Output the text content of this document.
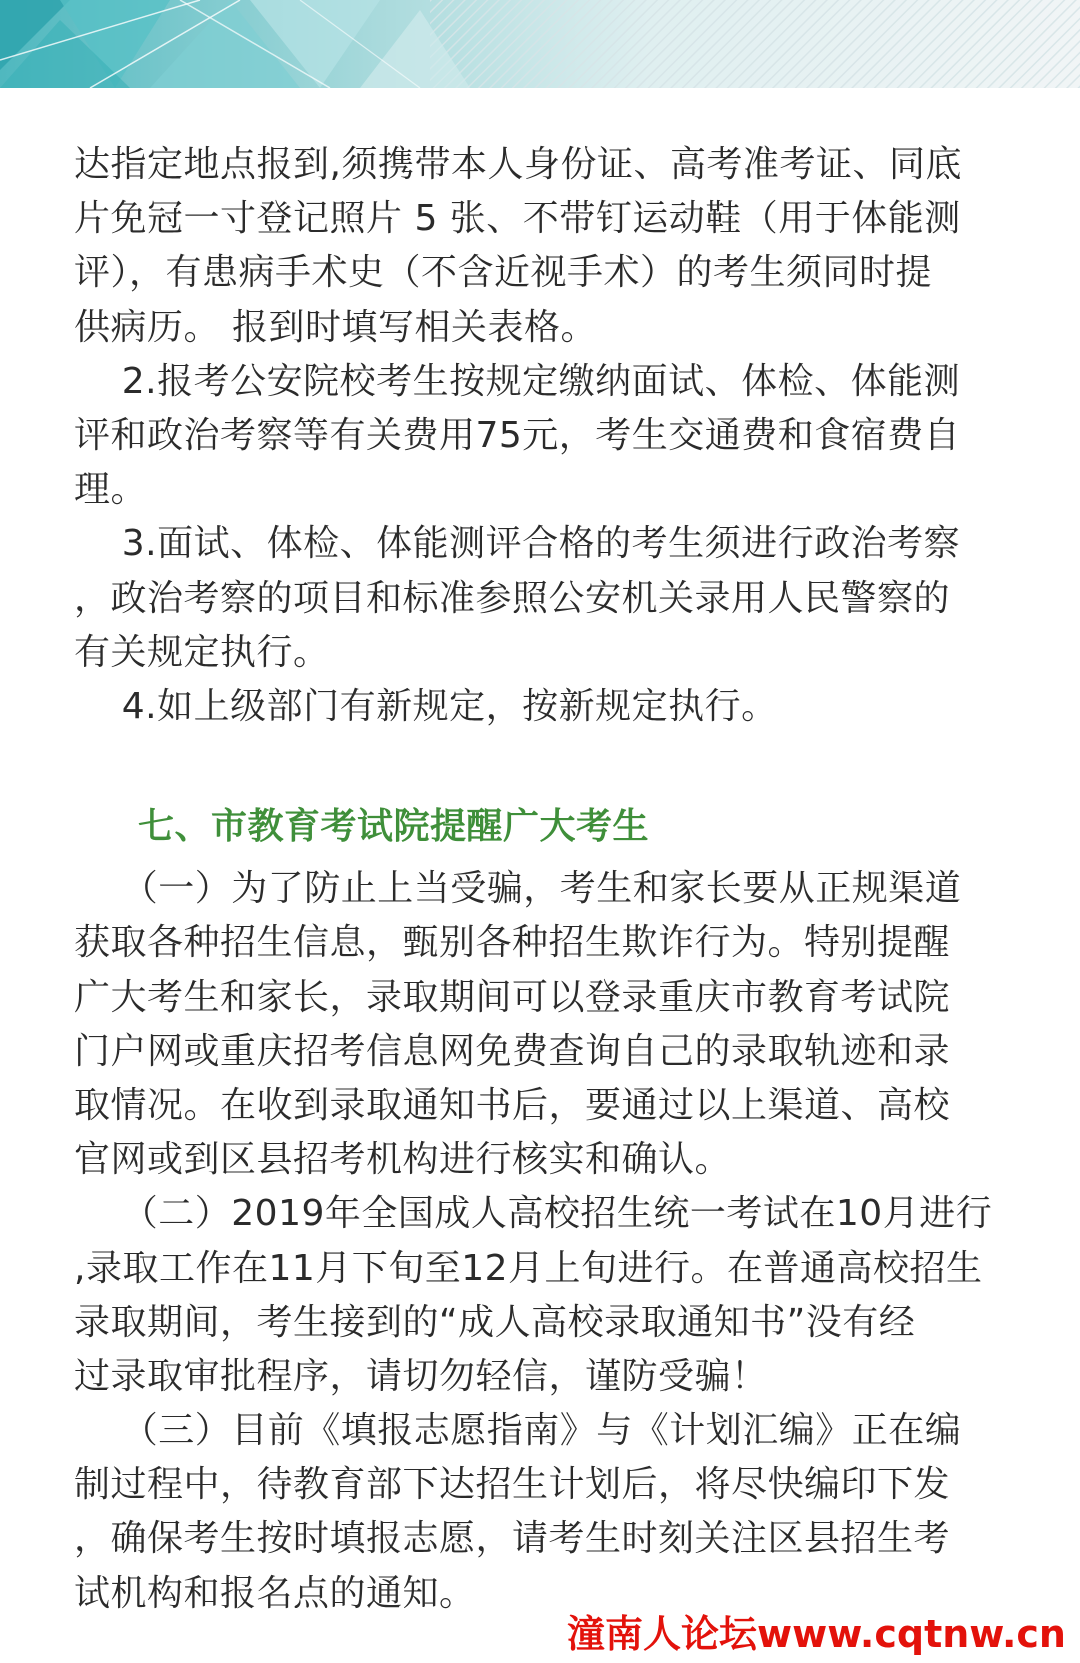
达指定地点报到,须携带本人身份证、高考准考证、同底
片免冠一寸登记照片 5 张、不带钉运动鞋（用于体能测
评），有患病手术史（不含近视手术）的考生须同时提
供病历。 报到时填写相关表格。
2.报考公安院校考生按规定缴纳面试、体检、体能测
评和政治考察等有关费用75元，考生交通费和食宿费自
理。
3.面试、体检、体能测评合格的考生须进行政治考察
，政治考察的项目和标准参照公安机关录用人民警察的
有关规定执行。
4.如上级部门有新规定，按新规定执行。
七、市教育考试院提醒广大考生
（一）为了防止上当受骗，考生和家长要从正规渠道
获取各种招生信息，甄别各种招生欺诈行为。特别提醒
广大考生和家长，录取期间可以登录重庆市教育考试院
门户网或重庆招考信息网免费查询自己的录取轨迹和录
取情况。在收到录取通知书后，要通过以上渠道、高校
官网或到区县招考机构进行核实和确认。
（二）2019年全国成人高校招生统一考试在10月进行
,录取工作在11月下旬至12月上旬进行。在普通高校招生
录取期间，考生接到的“成人高校录取通知书”没有经
过录取审批程序，请切勿轻信，谨防受骗！
（三）目前《填报志愿指南》与《计划汇编》正在编
制过程中，待教育部下达招生计划后，将尽快编印下发
，确保考生按时填报志愿，请考生时刻关注区县招生考
试机构和报名点的通知。
潼南人论坛www.cqtnw.cn
